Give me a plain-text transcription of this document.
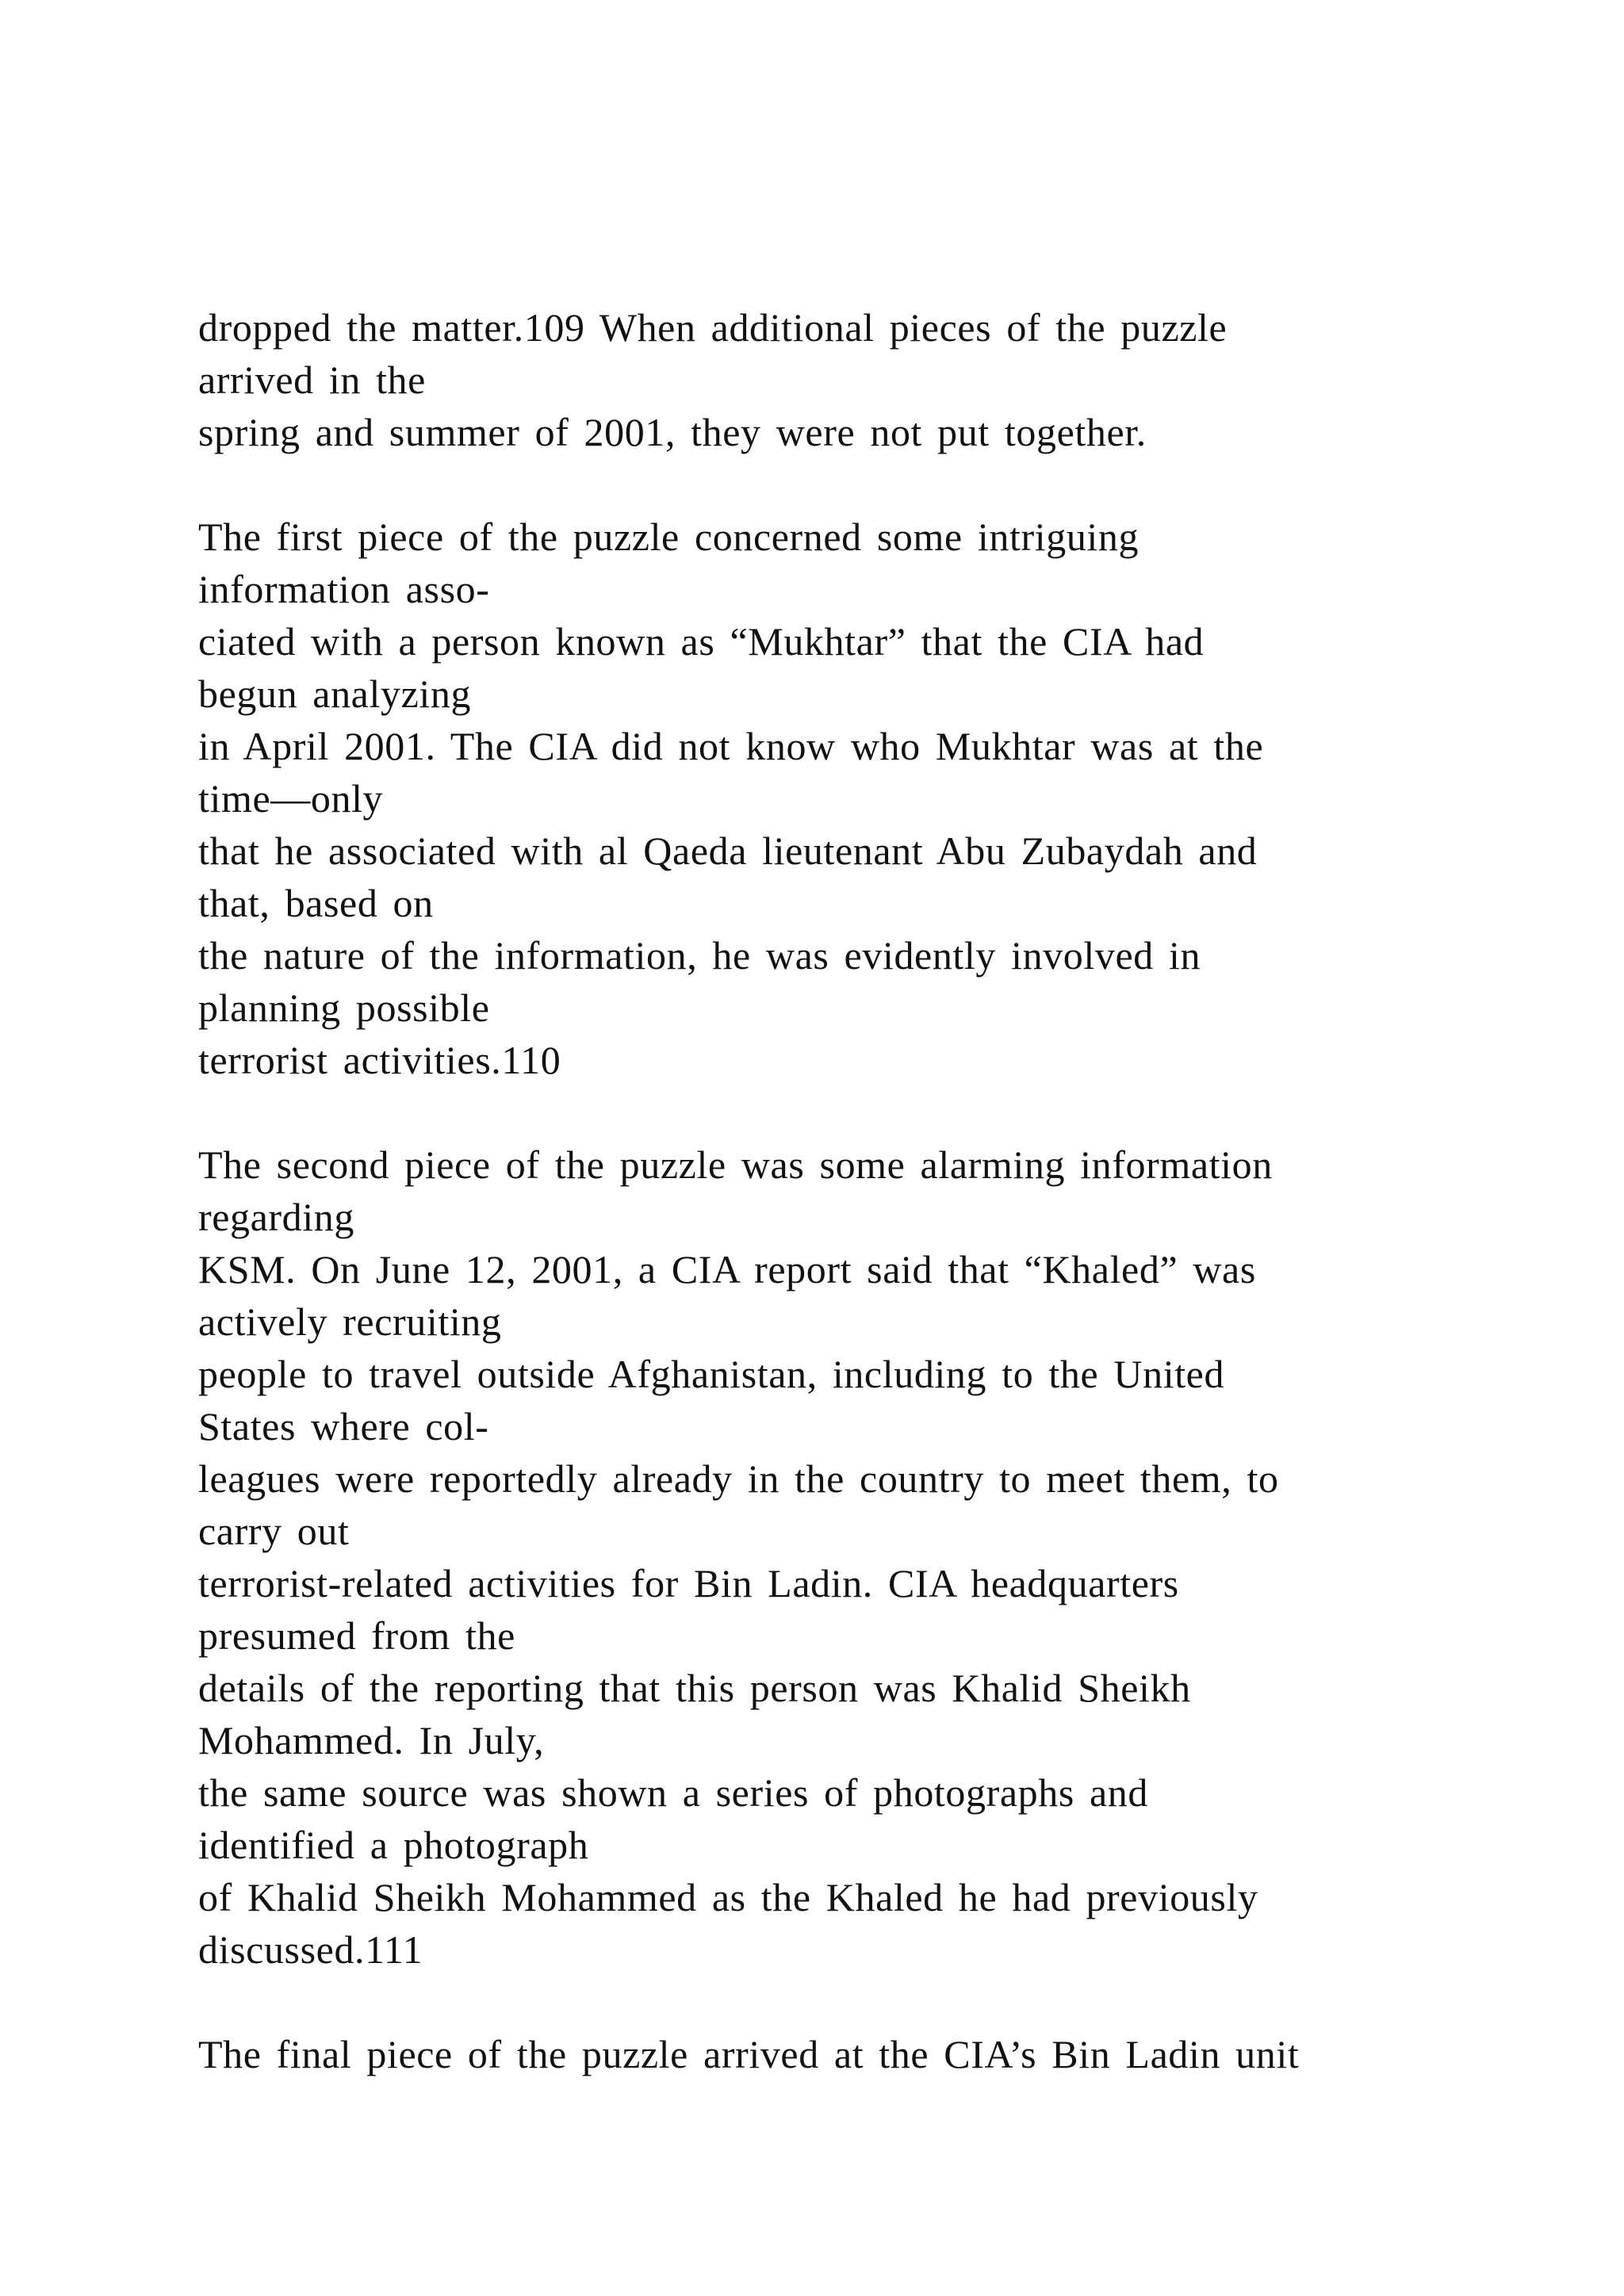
dropped the matter.109 When additional pieces of the puzzle
arrived in the
spring and summer of 2001, they were not put together.
The first piece of the puzzle concerned some intriguing
information asso-
ciated with a person known as “Mukhtar” that the CIA had
begun analyzing
in April 2001. The CIA did not know who Mukhtar was at the
time—only
that he associated with al Qaeda lieutenant Abu Zubaydah and
that, based on
the nature of the information, he was evidently involved in
planning possible
terrorist activities.110
The second piece of the puzzle was some alarming information
regarding
KSM. On June 12, 2001, a CIA report said that “Khaled” was
actively recruiting
people to travel outside Afghanistan, including to the United
States where col-
leagues were reportedly already in the country to meet them, to
carry out
terrorist-related activities for Bin Ladin. CIA headquarters
presumed from the
details of the reporting that this person was Khalid Sheikh
Mohammed. In July,
the same source was shown a series of photographs and
identified a photograph
of Khalid Sheikh Mohammed as the Khaled he had previously
discussed.111
The final piece of the puzzle arrived at the CIA’s Bin Ladin unit
